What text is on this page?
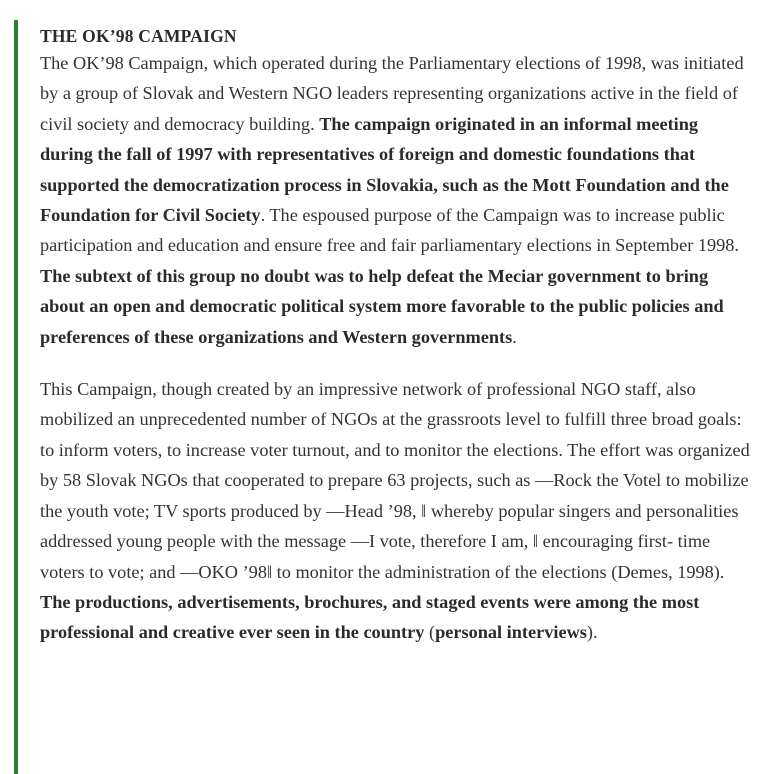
THE OK’98 CAMPAIGN

The OK’98 Campaign, which operated during the Parliamentary elections of 1998, was initiated by a group of Slovak and Western NGO leaders representing organizations active in the field of civil society and democracy building. The campaign originated in an informal meeting during the fall of 1997 with representatives of foreign and domestic foundations that supported the democratization process in Slovakia, such as the Mott Foundation and the Foundation for Civil Society. The espoused purpose of the Campaign was to increase public participation and education and ensure free and fair parliamentary elections in September 1998. The subtext of this group no doubt was to help defeat the Meciar government to bring about an open and democratic political system more favorable to the public policies and preferences of these organizations and Western governments.

This Campaign, though created by an impressive network of professional NGO staff, also mobilized an unprecedented number of NGOs at the grassroots level to fulfill three broad goals: to inform voters, to increase voter turnout, and to monitor the elections. The effort was organized by 58 Slovak NGOs that cooperated to prepare 63 projects, such as —Rock the Votel to mobilize the youth vote; TV sports produced by —Head ’98, ‖ whereby popular singers and personalities addressed young people with the message —I vote, therefore I am, ‖ encouraging first- time voters to vote; and —OKO ’98‖ to monitor the administration of the elections (Demes, 1998). The productions, advertisements, brochures, and staged events were among the most professional and creative ever seen in the country (personal interviews).
